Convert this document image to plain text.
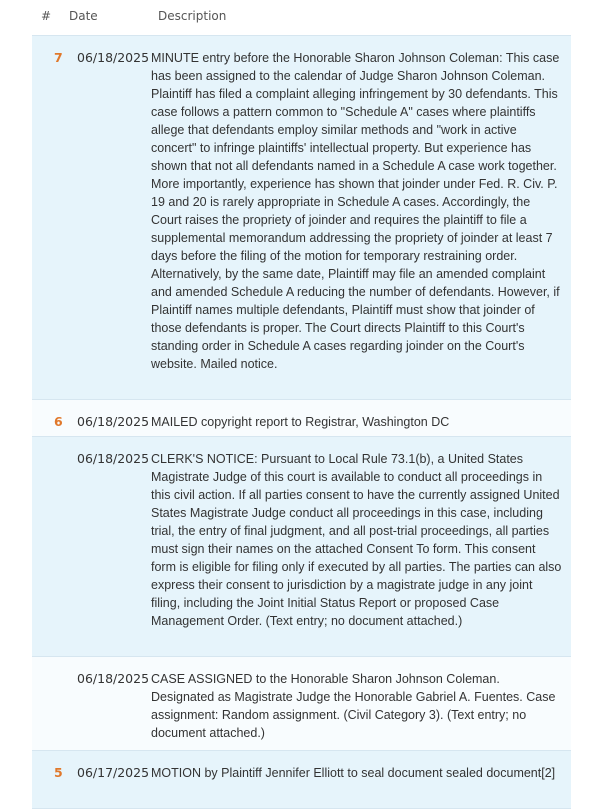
# Date	Description
7 06/18/2025 MINUTE entry before the Honorable Sharon Johnson Coleman: This case has been assigned to the calendar of Judge Sharon Johnson Coleman. Plaintiff has filed a complaint alleging infringement by 30 defendants. This case follows a pattern common to "Schedule A" cases where plaintiffs allege that defendants employ similar methods and "work in active concert" to infringe plaintiffs' intellectual property. But experience has shown that not all defendants named in a Schedule A case work together. More importantly, experience has shown that joinder under Fed. R. Civ. P. 19 and 20 is rarely appropriate in Schedule A cases. Accordingly, the Court raises the propriety of joinder and requires the plaintiff to file a supplemental memorandum addressing the propriety of joinder at least 7 days before the filing of the motion for temporary restraining order. Alternatively, by the same date, Plaintiff may file an amended complaint and amended Schedule A reducing the number of defendants. However, if Plaintiff names multiple defendants, Plaintiff must show that joinder of those defendants is proper. The Court directs Plaintiff to this Court's standing order in Schedule A cases regarding joinder on the Court's website. Mailed notice.
6 06/18/2025 MAILED copyright report to Registrar, Washington DC
06/18/2025 CLERK'S NOTICE: Pursuant to Local Rule 73.1(b), a United States Magistrate Judge of this court is available to conduct all proceedings in this civil action. If all parties consent to have the currently assigned United States Magistrate Judge conduct all proceedings in this case, including trial, the entry of final judgment, and all post-trial proceedings, all parties must sign their names on the attached Consent To form. This consent form is eligible for filing only if executed by all parties. The parties can also express their consent to jurisdiction by a magistrate judge in any joint filing, including the Joint Initial Status Report or proposed Case Management Order. (Text entry; no document attached.)
06/18/2025 CASE ASSIGNED to the Honorable Sharon Johnson Coleman. Designated as Magistrate Judge the Honorable Gabriel A. Fuentes. Case assignment: Random assignment. (Civil Category 3). (Text entry; no document attached.)
5 06/17/2025 MOTION by Plaintiff Jennifer Elliott to seal document sealed document[2]
